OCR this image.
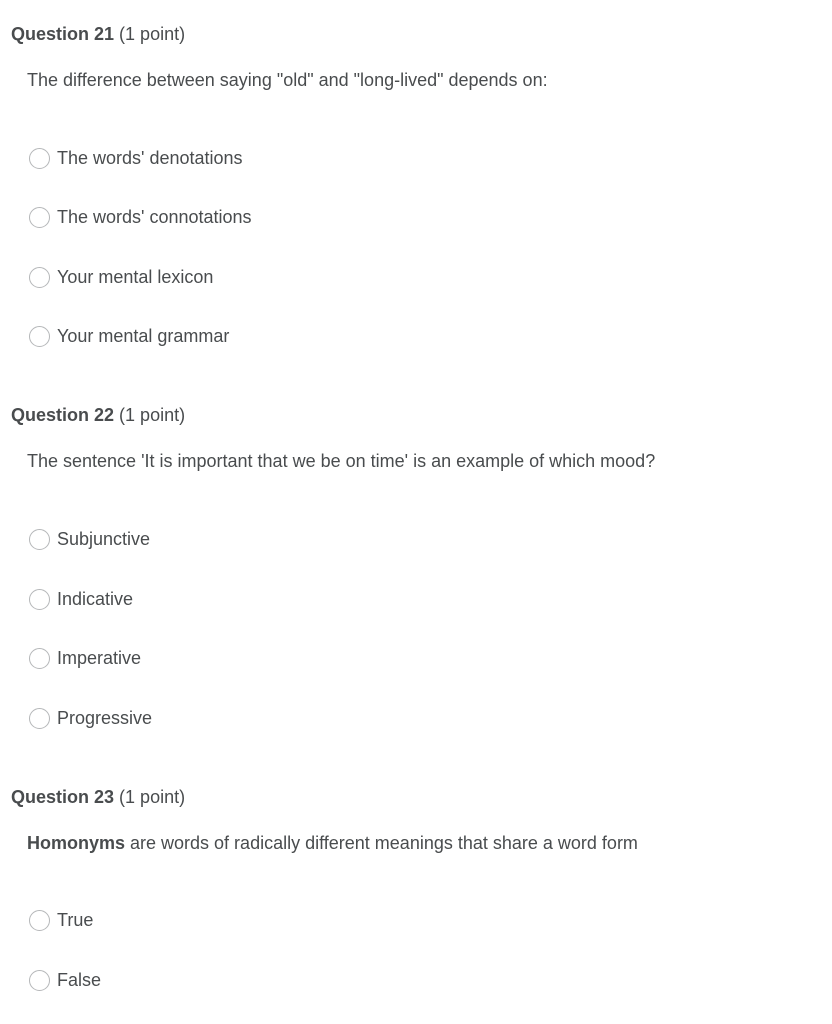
Question 21 (1 point)
The difference between saying "old" and "long-lived" depends on:
The words' denotations
The words' connotations
Your mental lexicon
Your mental grammar
Question 22 (1 point)
The sentence 'It is important that we be on time' is an example of which mood?
Subjunctive
Indicative
Imperative
Progressive
Question 23 (1 point)
Homonyms are words of radically different meanings that share a word form
True
False
